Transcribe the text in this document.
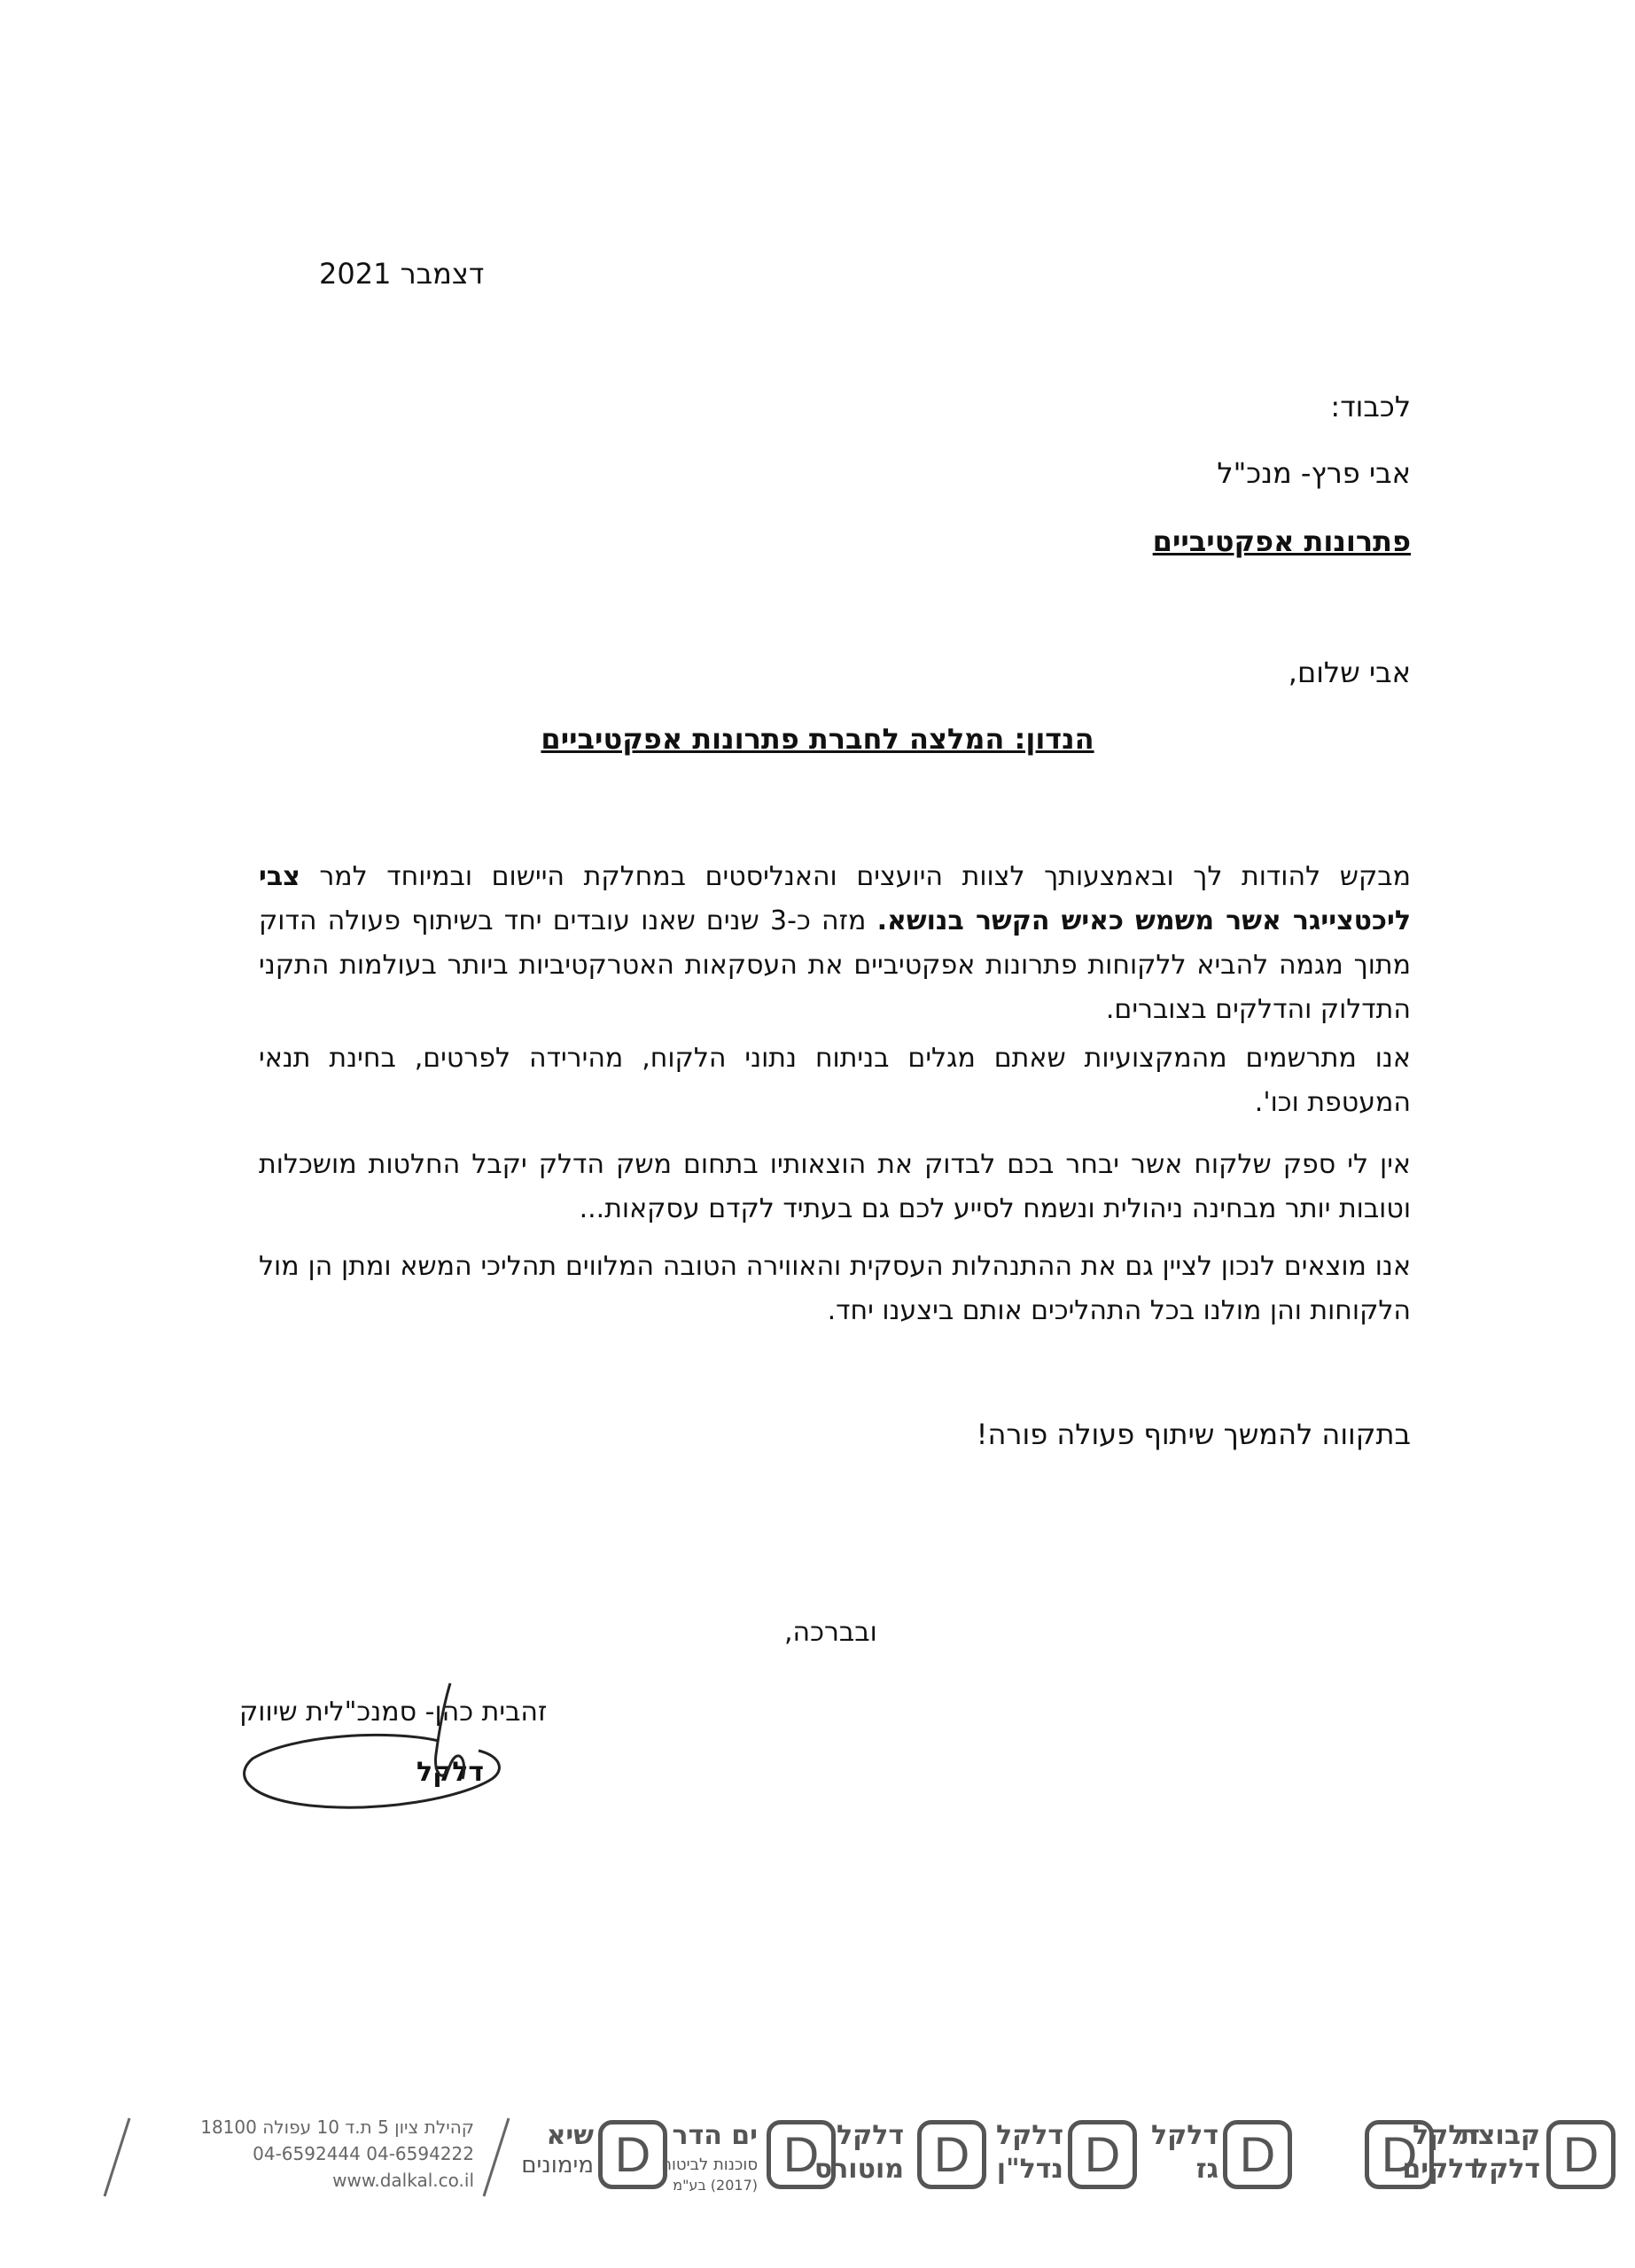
דצמבר 2021
לכבוד:
אבי פרץ- מנכ"ל
פתרונות אפקטיביים
אבי שלום,
הנדון: המלצה לחברת פתרונות אפקטיביים
מבקש להודות לך ובאמצעותך לצוות היועצים והאנליסטים במחלקת היישום ובמיוחד למר צבי ליכטצייגר אשר משמש כאיש הקשר בנושא. מזה כ-3 שנים שאנו עובדים יחד בשיתוף פעולה הדוק מתוך מגמה להביא ללקוחות פתרונות אפקטיביים את העסקאות האטרקטיביות ביותר בעולמות התקני התדלוק והדלקים בצוברים.
אנו מתרשמים מהמקצועיות שאתם מגלים בניתוח נתוני הלקוח, מהירידה לפרטים, בחינת תנאי המעטפת וכו'.
אין לי ספק שלקוח אשר יבחר בכם לבדוק את הוצאותיו בתחום משק הדלק יקבל החלטות מושכלות וטובות יותר מבחינה ניהולית ונשמח לסייע לכם גם בעתיד לקדם עסקאות...
אנו מוצאים לנכון לציין גם את ההתנהלות העסקית והאווירה הטובה המלווים תהליכי המשא ומתן הן מול הלקוחות והן מולנו בכל התהליכים אותם ביצענו יחד.
בתקווה להמשך שיתוף פעולה פורה!
ובברכה,
זהבית כהן- סמנכ"לית שיווק
דלקל
D
קבוצת
דלקל
D
דלקל
דלקים
D
דלקל
גז
D
דלקל
נדל"ן
D
דלקל
מוטורס
D
ים הדר
סוכנות לביטוח
(2017) בע"מ
D
שיא
מימונים
קהילת ציון 5 ת.ד 10 עפולה 18100
04-6594222 04-6592444
www.dalkal.co.il
